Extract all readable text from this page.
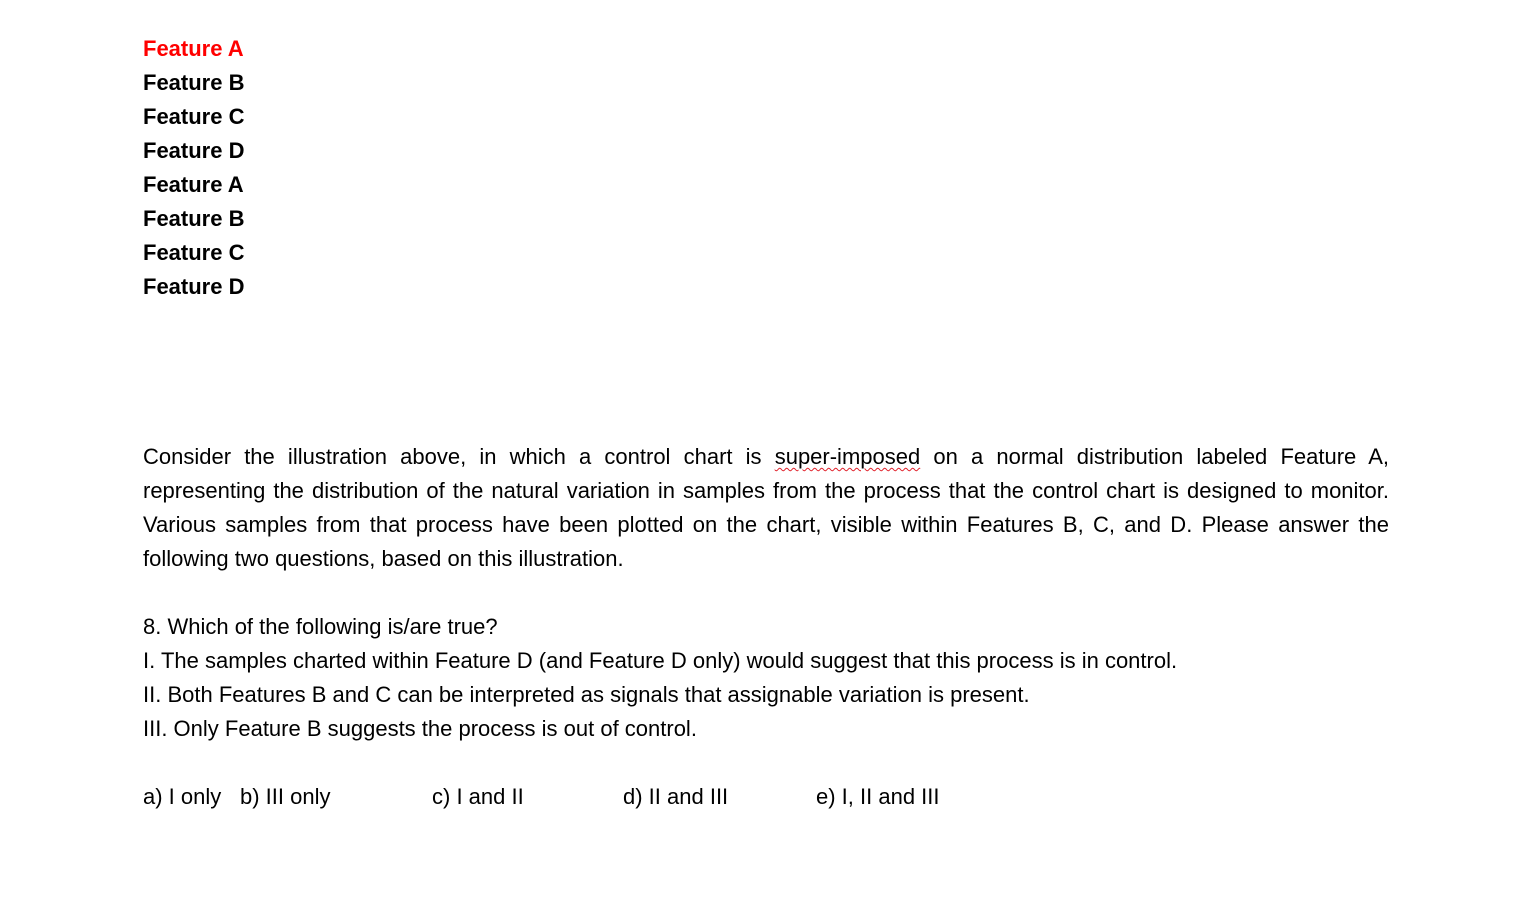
Feature A
Feature B
Feature C
Feature D
Feature A
Feature B
Feature C
Feature D

Consider the illustration above, in which a control chart is super-imposed on a normal distribution labeled Feature A, representing the distribution of the natural variation in samples from the process that the control chart is designed to monitor. Various samples from that process have been plotted on the chart, visible within Features B, C, and D. Please answer the following two questions, based on this illustration.

8. Which of the following is/are true?
I. The samples charted within Feature D (and Feature D only) would suggest that this process is in control.
II. Both Features B and C can be interpreted as signals that assignable variation is present.
III. Only Feature B suggests the process is out of control.
a) I only b) III only	c) I and II	d) II and III	e) I, II and III
